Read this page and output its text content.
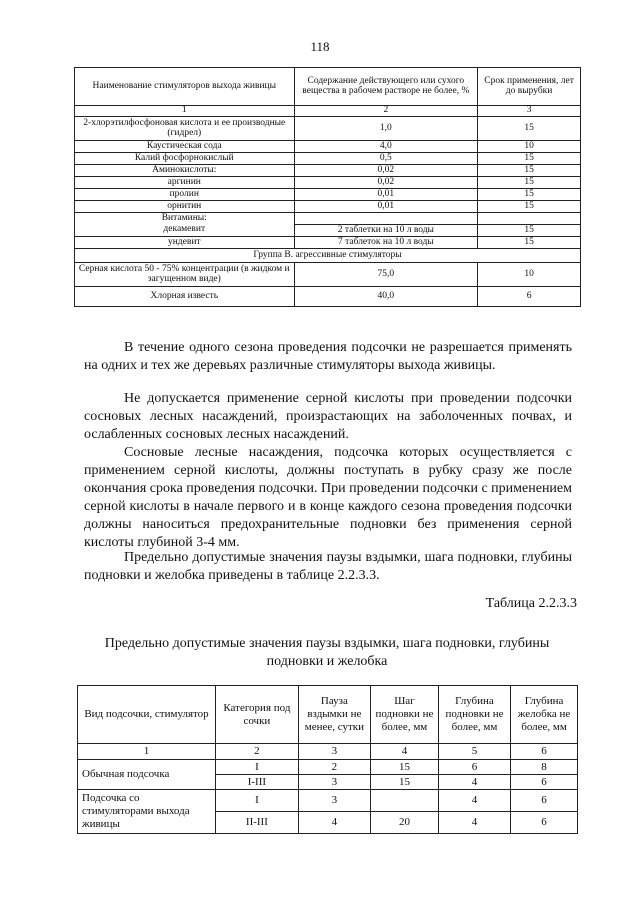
118
Наименование стимуляторов выхода живицы	Содержание действующего или сухого вещества в рабочем растворе не более, %	Срок применения, лет до вырубки
1	2	3
2-хлорэтилфосфоновая кислота и ее производные (гидрел)	1,0	15
Каустическая сода	4,0	10
Калий фосфорнокислый	0,5	15
Аминокислоты:	0,02	15
аргинин	0,02	15
пролин	0,01	15
орнитин	0,01	15
Витамины:		
декамевит	2 таблетки на 10 л воды	15
ундевит	7 таблеток на 10 л воды	15
Группа В. агрессивные стимуляторы		
Серная кислота 50 - 75% концентрации (в жидком и загущенном виде)	75,0	10
Хлорная известь	40,0	6

В течение одного сезона проведения подсочки не разрешается применять на одних и тех же деревьях различные стимуляторы выхода живицы.

Не допускается применение серной кислоты при проведении подсочки сосновых лесных насаждений, произрастающих на заболоченных почвах, и ослабленных сосновых лесных насаждений.

Сосновые лесные насаждения, подсочка которых осуществляется с применением серной кислоты, должны поступать в рубку сразу же после окончания срока проведения подсочки. При проведении подсочки с применением серной кислоты в начале первого и в конце каждого сезона проведения подсочки должны наноситься предохранительные подновки без применения серной кислоты глубиной 3-4 мм.

Предельно допустимые значения паузы вздымки, шага подновки, глубины подновки и желобка приведены в таблице 2.2.3.3.

Таблица 2.2.3.3
Предельно допустимые значения паузы вздымки, шага подновки, глубины подновки и желобка
Вид подсочки, стимулятор	Категория под сочки	Пауза вздымки не менее, сутки	Шаг подновки не более, мм	Глубина подновки не более, мм	Глубина желобка не более, мм
1	2	3	4	5	6
Обычная подсочка	I	2	15	6	8
	I-III	3	15	4	6
Подсочка со стимуляторами выхода живицы	I	3		4	6
	II-III	4	20	4	6
